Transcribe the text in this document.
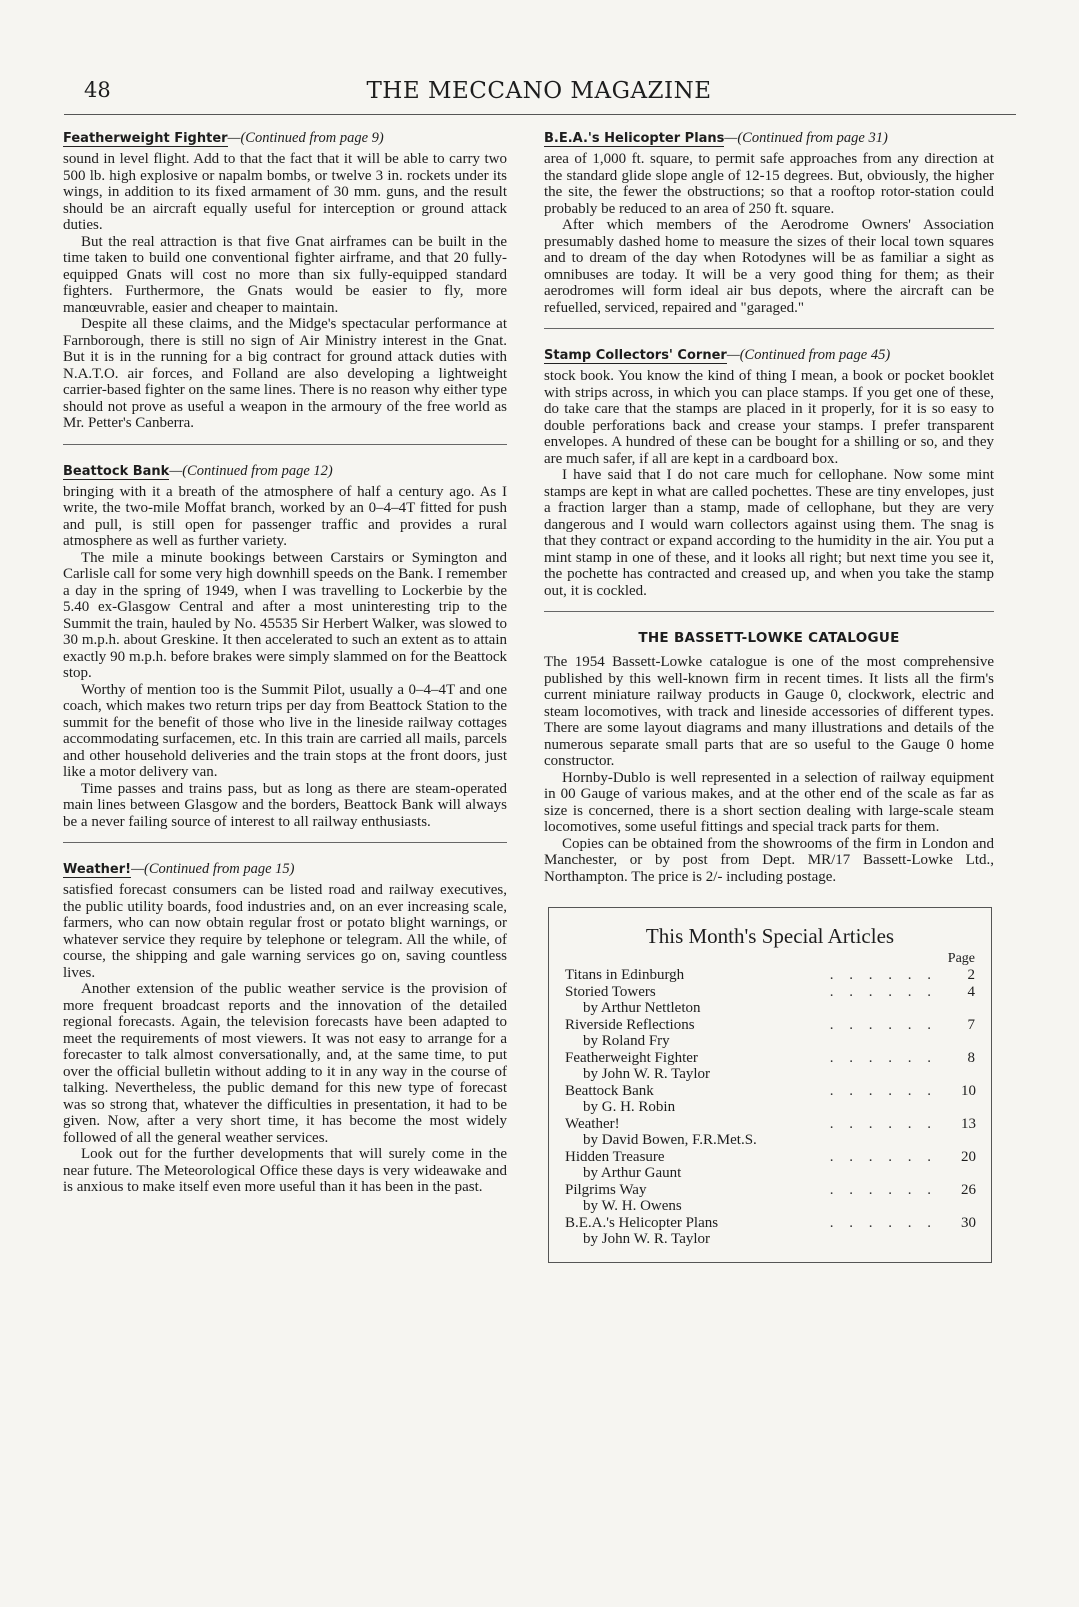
48	THE MECCANO MAGAZINE
Featherweight Fighter—(Continued from page 9)

sound in level flight. Add to that the fact that it will be able to carry two 500 lb. high explosive or napalm bombs, or twelve 3 in. rockets under its wings, in addition to its fixed armament of 30 mm. guns, and the result should be an aircraft equally useful for interception or ground attack duties.

But the real attraction is that five Gnat airframes can be built in the time taken to build one conventional fighter airframe, and that 20 fully-equipped Gnats will cost no more than six fully-equipped standard fighters. Furthermore, the Gnats would be easier to fly, more manœuvrable, easier and cheaper to maintain.

Despite all these claims, and the Midge's spectacular performance at Farnborough, there is still no sign of Air Ministry interest in the Gnat. But it is in the running for a big contract for ground attack duties with N.A.T.O. air forces, and Folland are also developing a lightweight carrier-based fighter on the same lines. There is no reason why either type should not prove as useful a weapon in the armoury of the free world as Mr. Petter's Canberra.

Beattock Bank—(Continued from page 12)

bringing with it a breath of the atmosphere of half a century ago. As I write, the two-mile Moffat branch, worked by an 0–4–4T fitted for push and pull, is still open for passenger traffic and provides a rural atmosphere as well as further variety.

The mile a minute bookings between Carstairs or Symington and Carlisle call for some very high downhill speeds on the Bank. I remember a day in the spring of 1949, when I was travelling to Lockerbie by the 5.40 ex-Glasgow Central and after a most uninteresting trip to the Summit the train, hauled by No. 45535 Sir Herbert Walker, was slowed to 30 m.p.h. about Greskine. It then accelerated to such an extent as to attain exactly 90 m.p.h. before brakes were simply slammed on for the Beattock stop.

Worthy of mention too is the Summit Pilot, usually a 0–4–4T and one coach, which makes two return trips per day from Beattock Station to the summit for the benefit of those who live in the lineside railway cottages accommodating surfacemen, etc. In this train are carried all mails, parcels and other household deliveries and the train stops at the front doors, just like a motor delivery van.

Time passes and trains pass, but as long as there are steam-operated main lines between Glasgow and the borders, Beattock Bank will always be a never failing source of interest to all railway enthusiasts.

Weather!—(Continued from page 15)

satisfied forecast consumers can be listed road and railway executives, the public utility boards, food industries and, on an ever increasing scale, farmers, who can now obtain regular frost or potato blight warnings, or whatever service they require by telephone or telegram. All the while, of course, the shipping and gale warning services go on, saving countless lives.

Another extension of the public weather service is the provision of more frequent broadcast reports and the innovation of the detailed regional forecasts. Again, the television forecasts have been adapted to meet the requirements of most viewers. It was not easy to arrange for a forecaster to talk almost conversationally, and, at the same time, to put over the official bulletin without adding to it in any way in the course of talking. Nevertheless, the public demand for this new type of forecast was so strong that, whatever the difficulties in presentation, it had to be given. Now, after a very short time, it has become the most widely followed of all the general weather services.

Look out for the further developments that will surely come in the near future. The Meteorological Office these days is very wideawake and is anxious to make itself even more useful than it has been in the past.

B.E.A.'s Helicopter Plans—(Continued from page 31)

area of 1,000 ft. square, to permit safe approaches from any direction at the standard glide slope angle of 12-15 degrees. But, obviously, the higher the site, the fewer the obstructions; so that a rooftop rotor-station could probably be reduced to an area of 250 ft. square.

After which members of the Aerodrome Owners' Association presumably dashed home to measure the sizes of their local town squares and to dream of the day when Rotodynes will be as familiar a sight as omnibuses are today. It will be a very good thing for them; as their aerodromes will form ideal air bus depots, where the aircraft can be refuelled, serviced, repaired and "garaged."

Stamp Collectors' Corner—(Continued from page 45)

stock book. You know the kind of thing I mean, a book or pocket booklet with strips across, in which you can place stamps. If you get one of these, do take care that the stamps are placed in it properly, for it is so easy to double perforations back and crease your stamps. I prefer transparent envelopes. A hundred of these can be bought for a shilling or so, and they are much safer, if all are kept in a cardboard box.

I have said that I do not care much for cellophane. Now some mint stamps are kept in what are called pochettes. These are tiny envelopes, just a fraction larger than a stamp, made of cellophane, but they are very dangerous and I would warn collectors against using them. The snag is that they contract or expand according to the humidity in the air. You put a mint stamp in one of these, and it looks all right; but next time you see it, the pochette has contracted and creased up, and when you take the stamp out, it is cockled.

THE BASSETT-LOWKE CATALOGUE

The 1954 Bassett-Lowke catalogue is one of the most comprehensive published by this well-known firm in recent times. It lists all the firm's current miniature railway products in Gauge 0, clockwork, electric and steam locomotives, with track and lineside accessories of different types. There are some layout diagrams and many illustrations and details of the numerous separate small parts that are so useful to the Gauge 0 home constructor.

Hornby-Dublo is well represented in a selection of railway equipment in 00 Gauge of various makes, and at the other end of the scale as far as size is concerned, there is a short section dealing with large-scale steam locomotives, some useful fittings and special track parts for them.

Copies can be obtained from the showrooms of the firm in London and Manchester, or by post from Dept. MR/17 Bassett-Lowke Ltd., Northampton. The price is 2/- including postage.

This Month's Special Articles
Page
Titans in Edinburgh	. . . . . .	2
Storied Towers	. . . . . .	4
by Arthur Nettleton
Riverside Reflections	. . . . . .	7
by Roland Fry
Featherweight Fighter	. . . . . .	8
by John W. R. Taylor
Beattock Bank	. . . . . .	10
by G. H. Robin
Weather!	. . . . . .	13
by David Bowen, F.R.Met.S.
Hidden Treasure	. . . . . .	20
by Arthur Gaunt
Pilgrims Way	. . . . . .	26
by W. H. Owens
B.E.A.'s Helicopter Plans	. . . . . .	30
by John W. R. Taylor
